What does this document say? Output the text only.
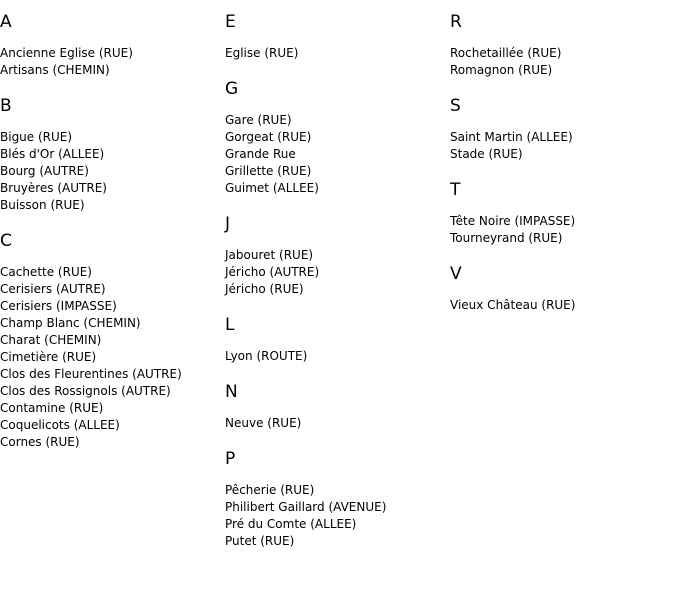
A
Ancienne Eglise (RUE)
Artisans (CHEMIN)
B
Bigue (RUE)
Blés d'Or (ALLEE)
Bourg (AUTRE)
Bruyères (AUTRE)
Buisson (RUE)
C
Cachette (RUE)
Cerisiers (AUTRE)
Cerisiers (IMPASSE)
Champ Blanc (CHEMIN)
Charat (CHEMIN)
Cimetière (RUE)
Clos des Fleurentines (AUTRE)
Clos des Rossignols (AUTRE)
Contamine (RUE)
Coquelicots (ALLEE)
Cornes (RUE)
E
Eglise (RUE)
G
Gare (RUE)
Gorgeat (RUE)
Grande Rue
Grillette (RUE)
Guimet (ALLEE)
J
Jabouret (RUE)
Jéricho (AUTRE)
Jéricho (RUE)
L
Lyon (ROUTE)
N
Neuve (RUE)
P
Pêcherie (RUE)
Philibert Gaillard (AVENUE)
Pré du Comte (ALLEE)
Putet (RUE)
R
Rochetaillée (RUE)
Romagnon (RUE)
S
Saint Martin (ALLEE)
Stade (RUE)
T
Tête Noire (IMPASSE)
Tourneyrand (RUE)
V
Vieux Château (RUE)
